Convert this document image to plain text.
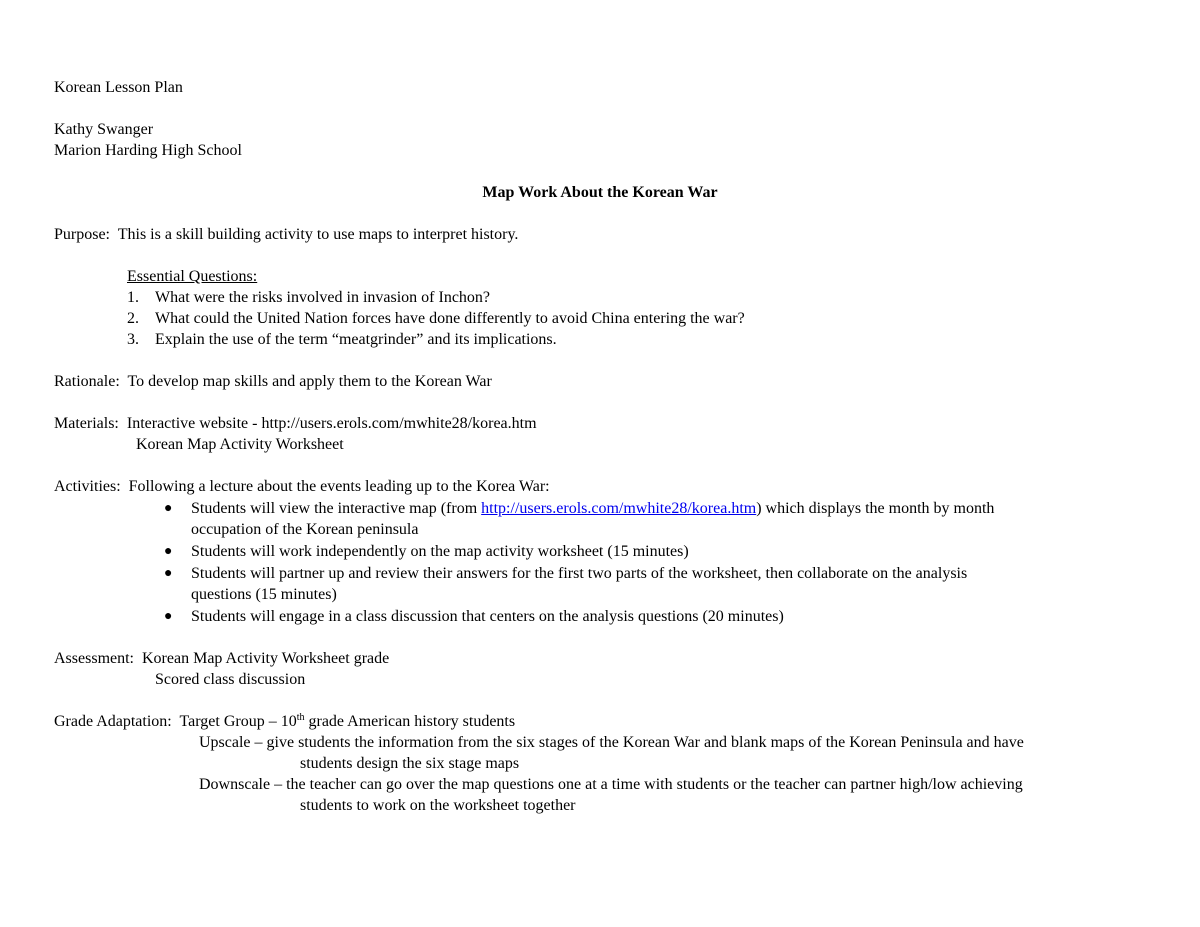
Korean Lesson Plan
Kathy Swanger
Marion Harding High School
Map Work About the Korean War
Purpose: This is a skill building activity to use maps to interpret history.
Essential Questions:
1. What were the risks involved in invasion of Inchon?
2. What could the United Nation forces have done differently to avoid China entering the war?
3. Explain the use of the term “meatgrinder” and its implications.
Rationale: To develop map skills and apply them to the Korean War
Materials: Interactive website - http://users.erols.com/mwhite28/korea.htm
Korean Map Activity Worksheet
Activities: Following a lecture about the events leading up to the Korea War:
● Students will view the interactive map (from http://users.erols.com/mwhite28/korea.htm) which displays the month by month
occupation of the Korean peninsula
● Students will work independently on the map activity worksheet (15 minutes)
● Students will partner up and review their answers for the first two parts of the worksheet, then collaborate on the analysis
questions (15 minutes)
● Students will engage in a class discussion that centers on the analysis questions (20 minutes)
Assessment: Korean Map Activity Worksheet grade
Scored class discussion
Grade Adaptation: Target Group – 10th grade American history students
Upscale – give students the information from the six stages of the Korean War and blank maps of the Korean Peninsula and have
students design the six stage maps
Downscale – the teacher can go over the map questions one at a time with students or the teacher can partner high/low achieving
students to work on the worksheet together
